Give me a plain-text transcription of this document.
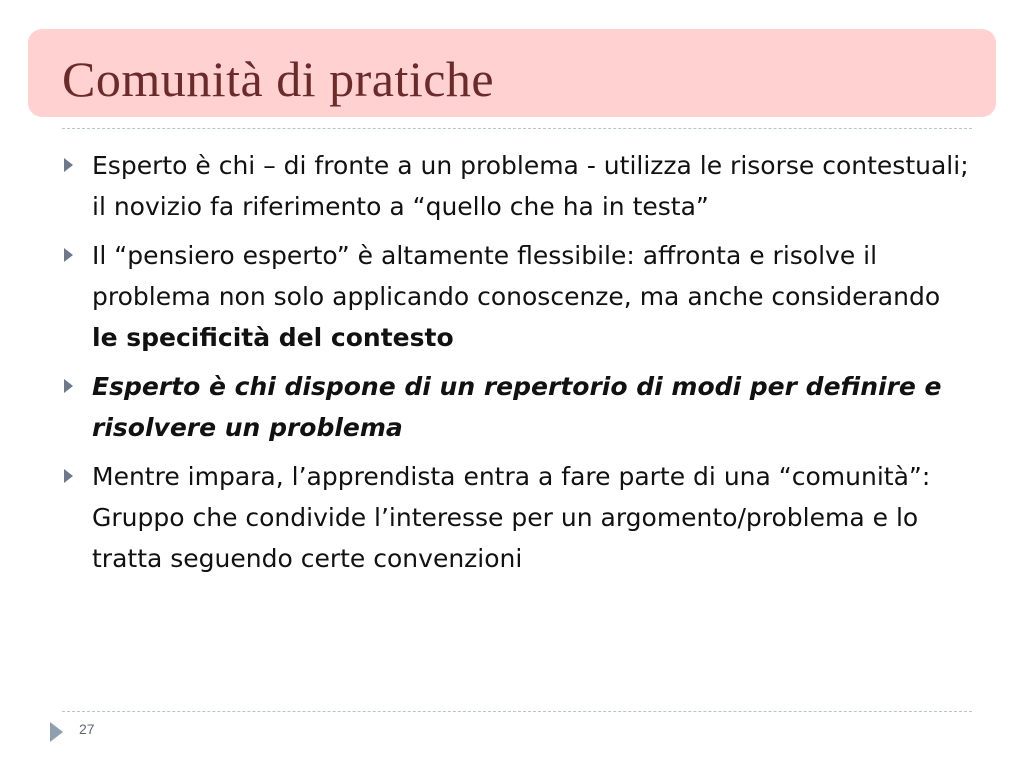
Comunità di pratiche
Esperto è chi – di fronte a un problema - utilizza le risorse contestuali; il novizio fa riferimento a “quello che ha in testa”
Il “pensiero esperto” è altamente flessibile: affronta e risolve il problema non solo applicando conoscenze, ma anche considerando le specificità del contesto
Esperto è chi dispone di un repertorio di modi per definire e risolvere un problema
Mentre impara, l’apprendista entra a fare parte di una “comunità”: Gruppo che condivide l’interesse per un argomento/problema e lo tratta seguendo certe convenzioni
27
